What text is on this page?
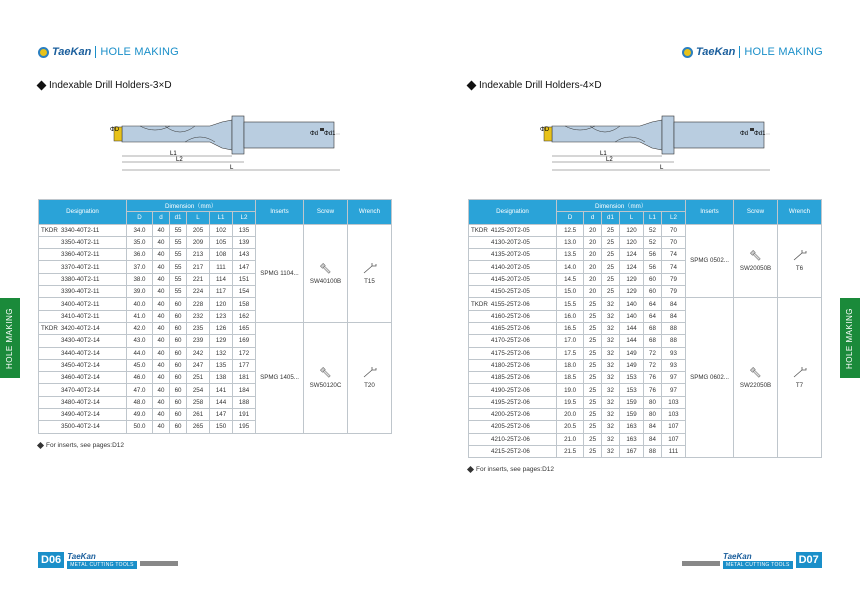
TaeKan HOLE MAKING
Indexable Drill Holders-3×D
ΦD
Φd Φd1
L1
L2
L
Designation	Dimension（mm）						Inserts	Screw	Wrench
	D	d	d1	L	L1	L2			
TKDR 3340-40T2-11	34.0	40	55	205	102	135	SPMG 1104...	SW40100B	T15
3350-40T2-11	35.0	40	55	209	105	139			
3360-40T2-11	36.0	40	55	213	108	143			
3370-40T2-11	37.0	40	55	217	111	147			
3380-40T2-11	38.0	40	55	221	114	151			
3390-40T2-11	39.0	40	55	224	117	154			
3400-40T2-11	40.0	40	60	228	120	158			
3410-40T2-11	41.0	40	60	232	123	162			
TKDR 3420-40T2-14	42.0	40	60	235	126	165	SPMG 1405...	SW50120C	T20
3430-40T2-14	43.0	40	60	239	129	169			
3440-40T2-14	44.0	40	60	242	132	172			
3450-40T2-14	45.0	40	60	247	135	177			
3460-40T2-14	46.0	40	60	251	138	181			
3470-40T2-14	47.0	40	60	254	141	184			
3480-40T2-14	48.0	40	60	258	144	188			
3490-40T2-14	49.0	40	60	261	147	191			
3500-40T2-14	50.0	40	60	265	150	195			
For inserts, see pages:D12
HOLE MAKING
D06 TaeKan
METAL CUTTING TOOLS
TaeKan HOLE MAKING
Indexable Drill Holders-4×D
ΦD
Φd Φd1
L1
L2
L
Designation	Dimension（mm）						Inserts	Screw	Wrench
	D	d	d1	L	L1	L2			
TKDR 4125-20T2-05	12.5	20	25	120	52	70	SPMG 0502...	SW20050B	T6
4130-20T2-05	13.0	20	25	120	52	70			
4135-20T2-05	13.5	20	25	124	56	74			
4140-20T2-05	14.0	20	25	124	56	74			
4145-20T2-05	14.5	20	25	129	60	79			
4150-25T2-05	15.0	20	25	129	60	79			
TKDR 4155-25T2-06	15.5	25	32	140	64	84	SPMG 0602...	SW22050B	T7
4160-25T2-06	16.0	25	32	140	64	84			
4165-25T2-06	16.5	25	32	144	68	88			
4170-25T2-06	17.0	25	32	144	68	88			
4175-25T2-06	17.5	25	32	149	72	93			
4180-25T2-06	18.0	25	32	149	72	93			
4185-25T2-06	18.5	25	32	153	76	97			
4190-25T2-06	19.0	25	32	153	76	97			
4195-25T2-06	19.5	25	32	159	80	103			
4200-25T2-06	20.0	25	32	159	80	103			
4205-25T2-06	20.5	25	32	163	84	107			
4210-25T2-06	21.0	25	32	163	84	107			
4215-25T2-06	21.5	25	32	167	88	111			
For inserts, see pages:D12
HOLE MAKING
TaeKan
METAL CUTTING TOOLS D07
